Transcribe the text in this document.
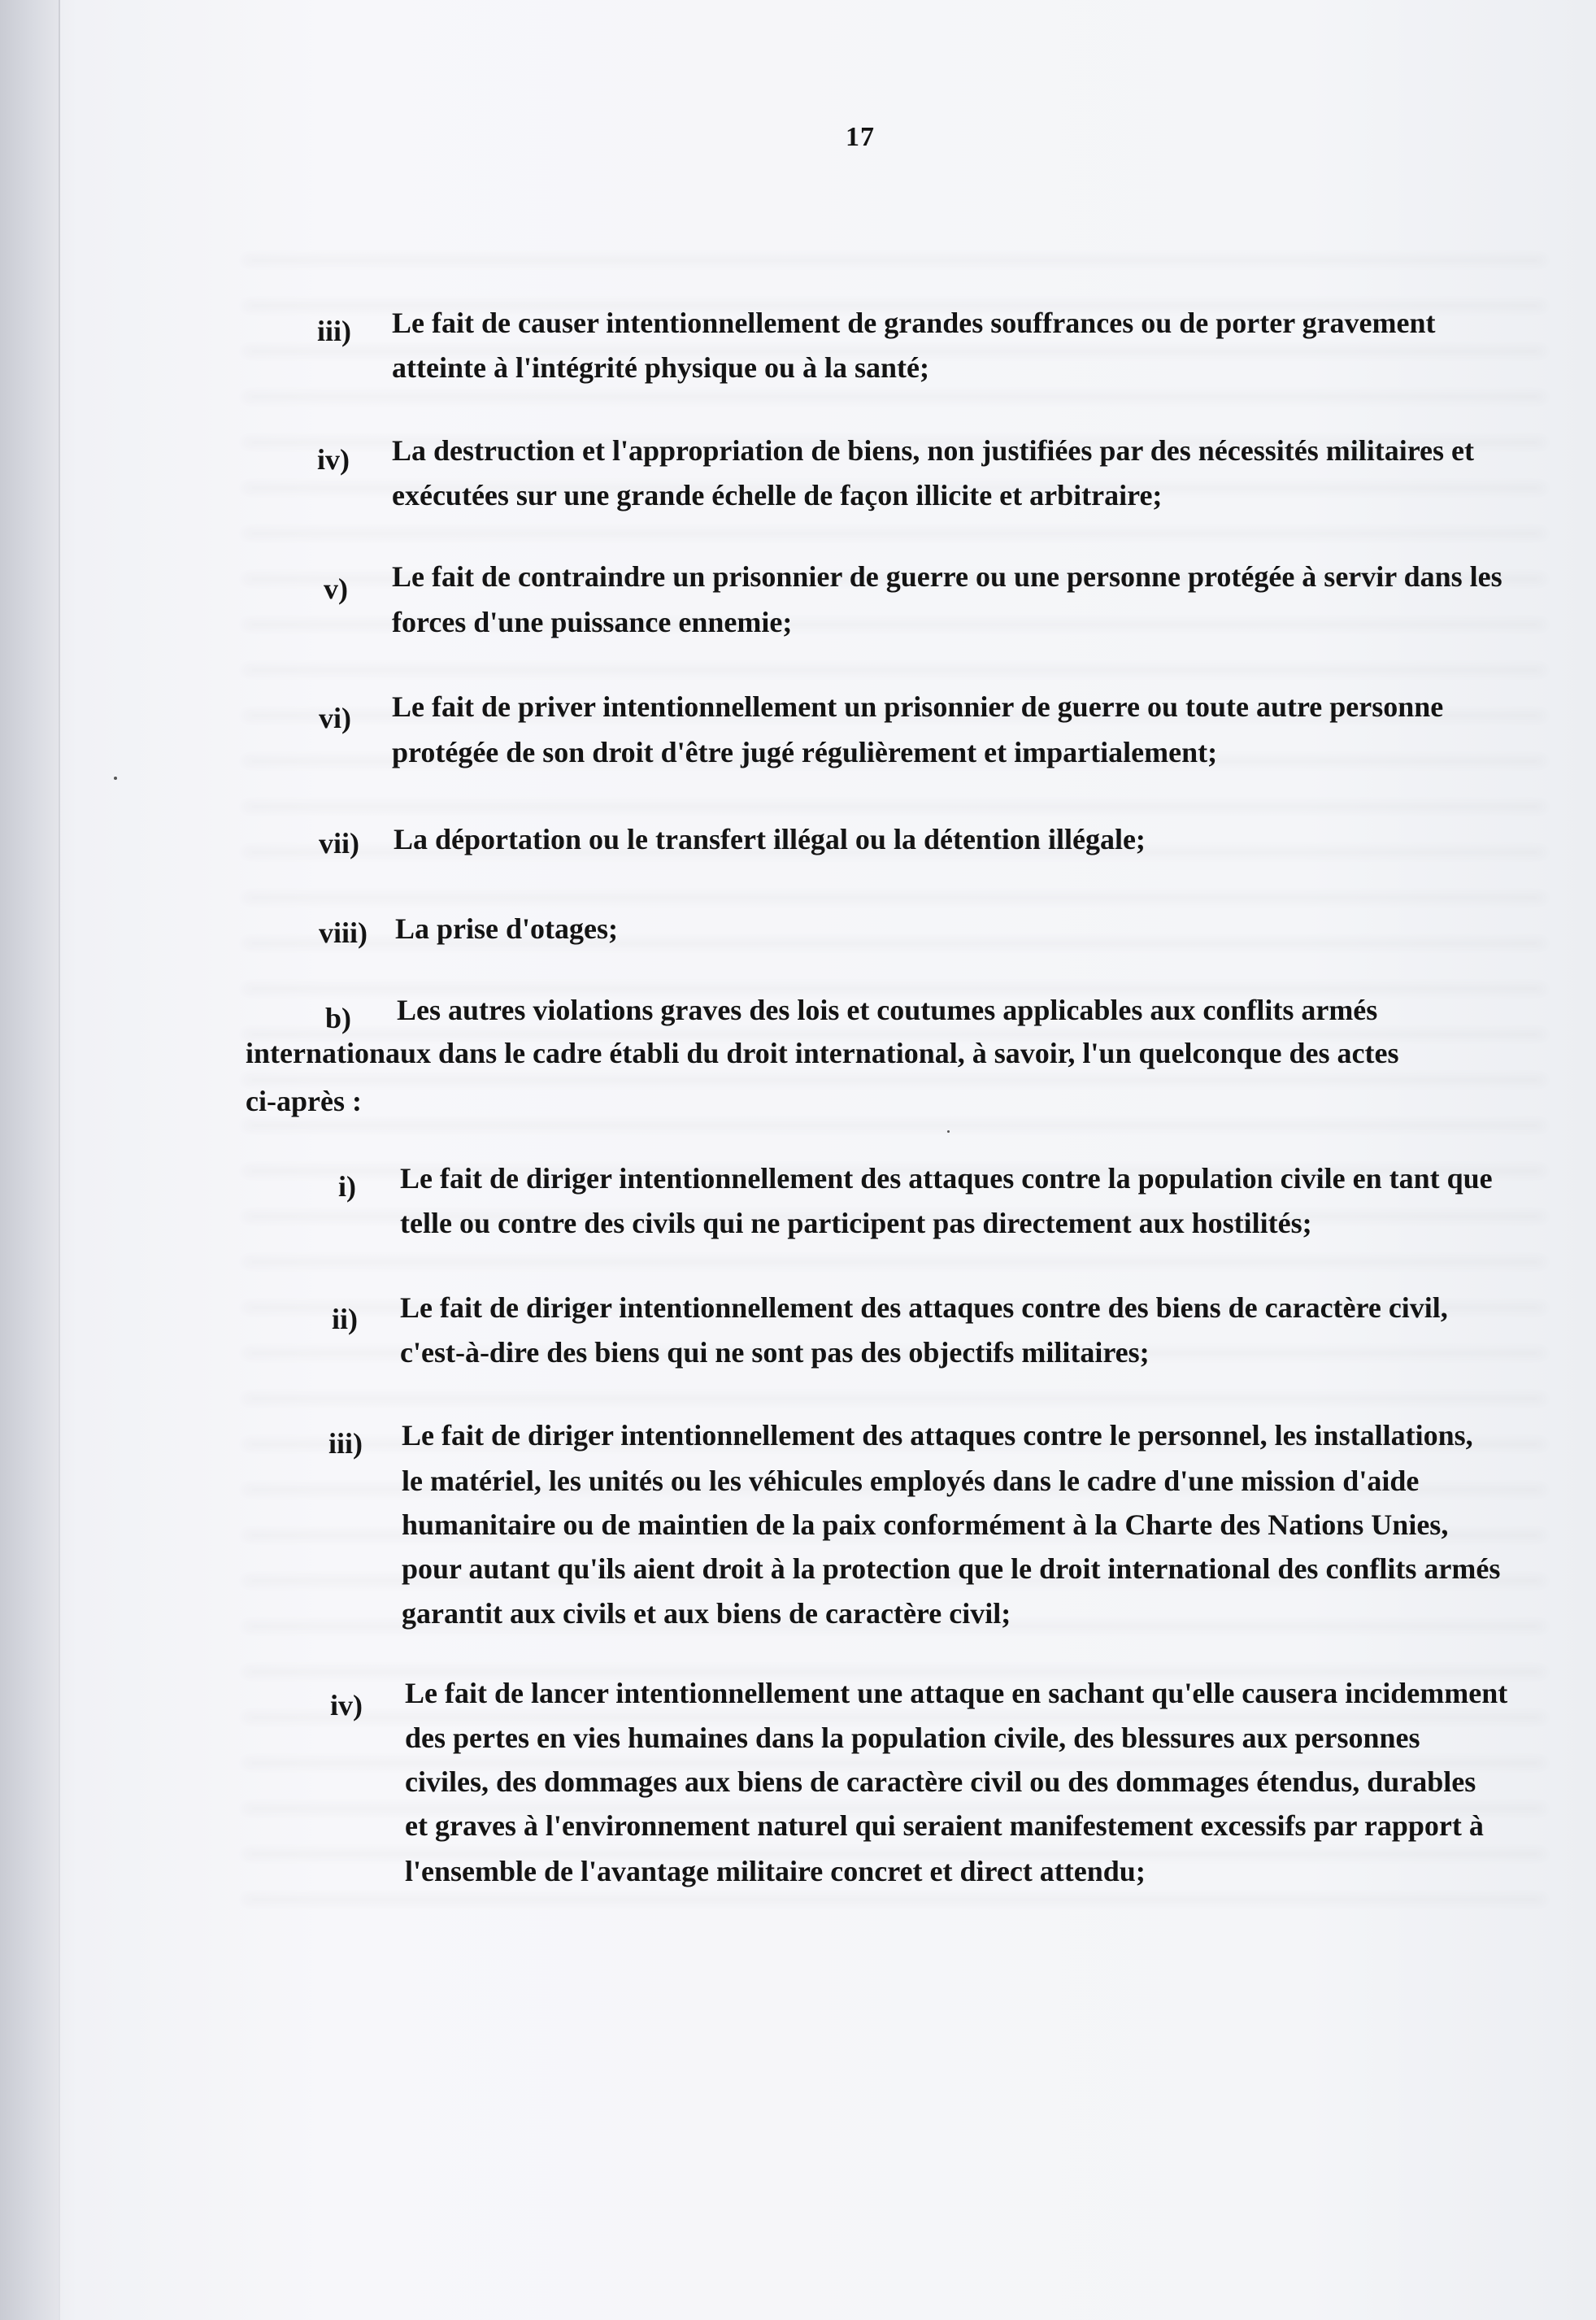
17
iii) Le fait de causer intentionnellement de grandes souffrances ou de porter gravement
atteinte à l'intégrité physique ou à la santé;
iv) La destruction et l'appropriation de biens, non justifiées par des nécessités militaires et
exécutées sur une grande échelle de façon illicite et arbitraire;
v) Le fait de contraindre un prisonnier de guerre ou une personne protégée à servir dans les
forces d'une puissance ennemie;
vi) Le fait de priver intentionnellement un prisonnier de guerre ou toute autre personne
protégée de son droit d'être jugé régulièrement et impartialement;
vii) La déportation ou le transfert illégal ou la détention illégale;
viii) La prise d'otages;
b) Les autres violations graves des lois et coutumes applicables aux conflits armés
internationaux dans le cadre établi du droit international, à savoir, l'un quelconque des actes
ci-après :
i) Le fait de diriger intentionnellement des attaques contre la population civile en tant que
telle ou contre des civils qui ne participent pas directement aux hostilités;
ii) Le fait de diriger intentionnellement des attaques contre des biens de caractère civil,
c'est-à-dire des biens qui ne sont pas des objectifs militaires;
iii) Le fait de diriger intentionnellement des attaques contre le personnel, les installations,
le matériel, les unités ou les véhicules employés dans le cadre d'une mission d'aide
humanitaire ou de maintien de la paix conformément à la Charte des Nations Unies,
pour autant qu'ils aient droit à la protection que le droit international des conflits armés
garantit aux civils et aux biens de caractère civil;
iv) Le fait de lancer intentionnellement une attaque en sachant qu'elle causera incidemment
des pertes en vies humaines dans la population civile, des blessures aux personnes
civiles, des dommages aux biens de caractère civil ou des dommages étendus, durables
et graves à l'environnement naturel qui seraient manifestement excessifs par rapport à
l'ensemble de l'avantage militaire concret et direct attendu;
